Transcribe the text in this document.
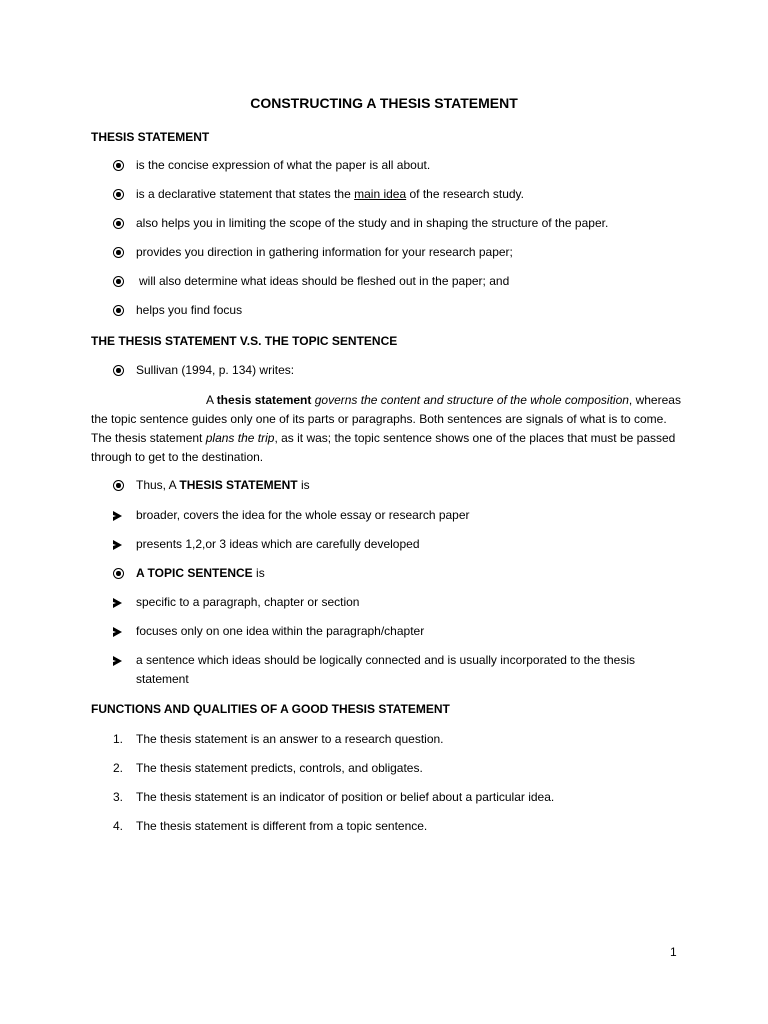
CONSTRUCTING A THESIS STATEMENT
THESIS STATEMENT
is the concise expression of what the paper is all about.
is a declarative statement that states the main idea of the research study.
also helps you in limiting the scope of the study and in shaping the structure of the paper.
provides you direction in gathering information for your research paper;
will also determine what ideas should be fleshed out in the paper; and
helps you find focus
THE THESIS STATEMENT V.S. THE TOPIC SENTENCE
Sullivan (1994, p. 134) writes:
A thesis statement governs the content and structure of the whole composition, whereas the topic sentence guides only one of its parts or paragraphs. Both sentences are signals of what is to come. The thesis statement plans the trip, as it was; the topic sentence shows one of the places that must be passed through to get to the destination.
Thus, A THESIS STATEMENT is
broader, covers the idea for the whole essay or research paper
presents 1,2,or 3 ideas which are carefully developed
A TOPIC SENTENCE is
specific to a paragraph, chapter or section
focuses only on one idea within the paragraph/chapter
a sentence which ideas should be logically connected and is usually incorporated to the thesis
statement
FUNCTIONS AND QUALITIES OF A GOOD THESIS STATEMENT
1. The thesis statement is an answer to a research question.
2. The thesis statement predicts, controls, and obligates.
3. The thesis statement is an indicator of position or belief about a particular idea.
4. The thesis statement is different from a topic sentence.
1
